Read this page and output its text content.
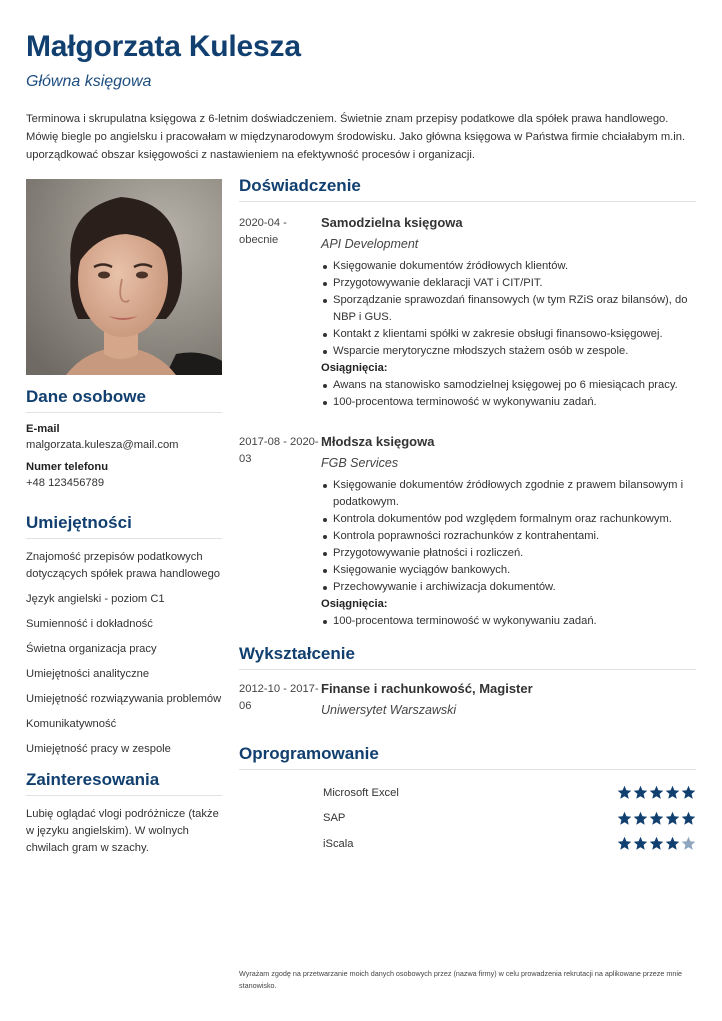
Małgorzata Kulesza
Główna księgowa
Terminowa i skrupulatna księgowa z 6-letnim doświadczeniem. Świetnie znam przepisy podatkowe dla spółek prawa handlowego. Mówię biegle po angielsku i pracowałam w międzynarodowym środowisku. Jako główna księgowa w Państwa firmie chciałabym m.in. uporządkować obszar księgowości z nastawieniem na efektywność procesów i organizacji.
Dane osobowe
E-mail
malgorzata.kulesza@mail.com
Numer telefonu
+48 123456789
Umiejętności
Znajomość przepisów podatkowych dotyczących spółek prawa handlowego
Język angielski - poziom C1
Sumienność i dokładność
Świetna organizacja pracy
Umiejętności analityczne
Umiejętność rozwiązywania problemów
Komunikatywność
Umiejętność pracy w zespole
Zainteresowania
Lubię oglądać vlogi podróżnicze (także w języku angielskim). W wolnych chwilach gram w szachy.
Doświadczenie
2020-04 - obecnie
Samodzielna księgowa
API Development
Księgowanie dokumentów źródłowych klientów.
Przygotowywanie deklaracji VAT i CIT/PIT.
Sporządzanie sprawozdań finansowych (w tym RZiS oraz bilansów), do NBP i GUS.
Kontakt z klientami spółki w zakresie obsługi finansowo-księgowej.
Wsparcie merytoryczne młodszych stażem osób w zespole.
Osiągnięcia:
Awans na stanowisko samodzielnej księgowej po 6 miesiącach pracy.
100-procentowa terminowość w wykonywaniu zadań.
2017-08 - 2020-03
Młodsza księgowa
FGB Services
Księgowanie dokumentów źródłowych zgodnie z prawem bilansowym i podatkowym.
Kontrola dokumentów pod względem formalnym oraz rachunkowym.
Kontrola poprawności rozrachunków z kontrahentami.
Przygotowywanie płatności i rozliczeń.
Księgowanie wyciągów bankowych.
Przechowywanie i archiwizacja dokumentów.
Osiągnięcia:
100-procentowa terminowość w wykonywaniu zadań.
Wykształcenie
2012-10 - 2017-06
Finanse i rachunkowość, Magister
Uniwersytet Warszawski
Oprogramowanie
Microsoft Excel
SAP
iScala
Wyrażam zgodę na przetwarzanie moich danych osobowych przez (nazwa firmy) w celu prowadzenia rekrutacji na aplikowane przeze mnie stanowisko.
